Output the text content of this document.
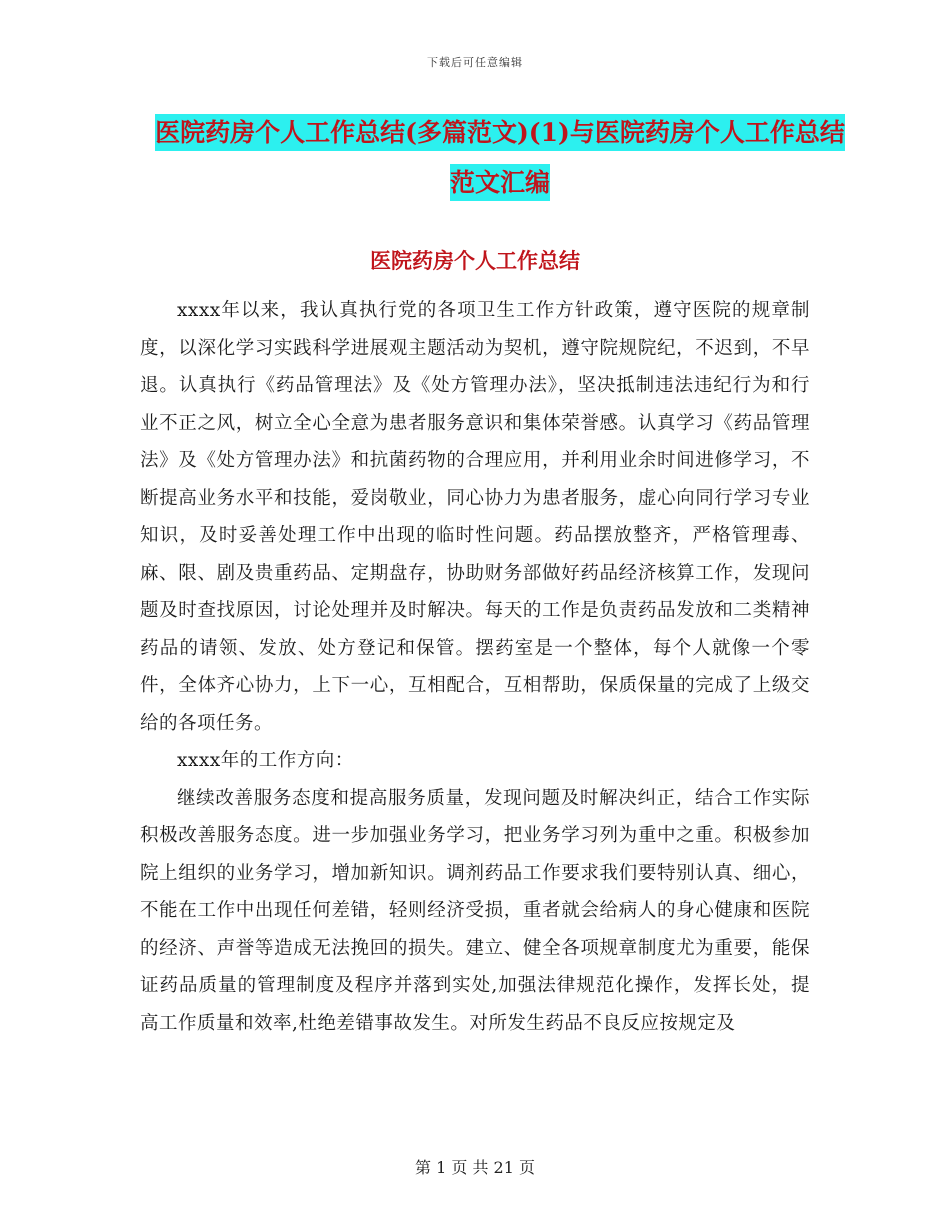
下载后可任意编辑
医院药房个人工作总结(多篇范文)(1)与医院药房个人工作总结范文汇编
医院药房个人工作总结

xxxx年以来，我认真执行党的各项卫生工作方针政策，遵守医院的规章制度，以深化学习实践科学进展观主题活动为契机，遵守院规院纪，不迟到，不早退。认真执行《药品管理法》及《处方管理办法》，坚决抵制违法违纪行为和行业不正之风，树立全心全意为患者服务意识和集体荣誉感。认真学习《药品管理法》及《处方管理办法》和抗菌药物的合理应用，并利用业余时间进修学习，不断提高业务水平和技能，爱岗敬业，同心协力为患者服务，虚心向同行学习专业知识，及时妥善处理工作中出现的临时性问题。药品摆放整齐，严格管理毒、麻、限、剧及贵重药品、定期盘存，协助财务部做好药品经济核算工作，发现问题及时查找原因，讨论处理并及时解决。每天的工作是负责药品发放和二类精神药品的请领、发放、处方登记和保管。摆药室是一个整体，每个人就像一个零件，全体齐心协力，上下一心，互相配合，互相帮助，保质保量的完成了上级交给的各项任务。

xxxx年的工作方向：

继续改善服务态度和提高服务质量，发现问题及时解决纠正，结合工作实际积极改善服务态度。进一步加强业务学习，把业务学习列为重中之重。积极参加院上组织的业务学习，增加新知识。调剂药品工作要求我们要特别认真、细心，不能在工作中出现任何差错，轻则经济受损，重者就会给病人的身心健康和医院的经济、声誉等造成无法挽回的损失。建立、健全各项规章制度尤为重要，能保证药品质量的管理制度及程序并落到实处,加强法律规范化操作，发挥长处，提高工作质量和效率,杜绝差错事故发生。对所发生药品不良反应按规定及

第 1 页 共 21 页
